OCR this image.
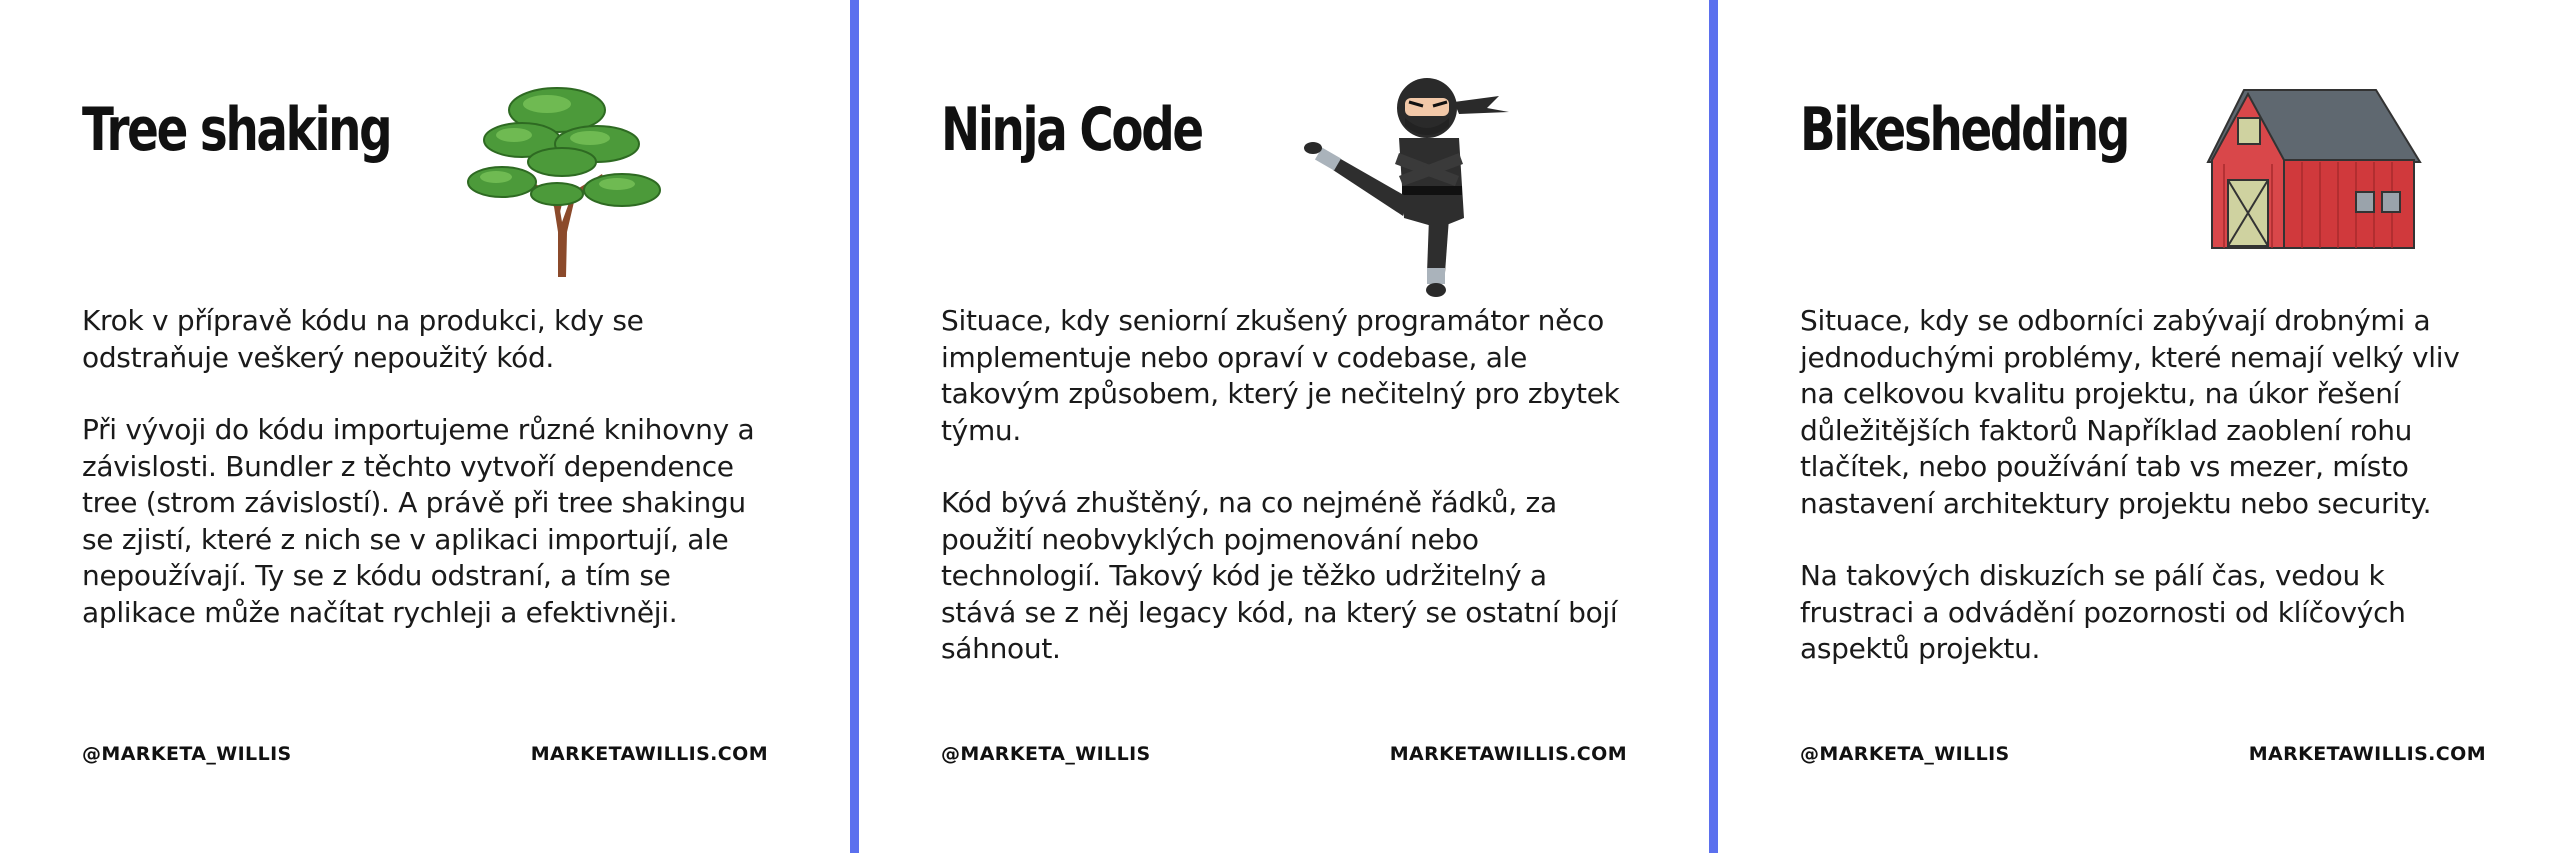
Tree shaking

Krok v přípravě kódu na produkci, kdy se odstraňuje veškerý nepoužitý kód.

Při vývoji do kódu importujeme různé knihovny a závislosti. Bundler z těchto vytvoří dependence tree (strom závislostí). A právě při tree shakingu se zjistí, které z nich se v aplikaci importují, ale nepoužívají. Ty se z kódu odstraní, a tím se aplikace může načítat rychleji a efektivněji.

@MARKETA_WILLIS	MARKETAWILLIS.COM
Ninja Code

Situace, kdy seniorní zkušený programátor něco implementuje nebo opraví v codebase, ale takovým způsobem, který je nečitelný pro zbytek týmu.

Kód bývá zhuštěný, na co nejméně řádků, za použití neobvyklých pojmenování nebo technologií. Takový kód je těžko udržitelný a stává se z něj legacy kód, na který se ostatní bojí sáhnout.

@MARKETA_WILLIS	MARKETAWILLIS.COM
Bikeshedding

Situace, kdy se odborníci zabývají drobnými a jednoduchými problémy, které nemají velký vliv na celkovou kvalitu projektu, na úkor řešení důležitějších faktorů Například zaoblení rohu tlačítek, nebo používání tab vs mezer, místo nastavení architektury projektu nebo security.

Na takových diskuzích se pálí čas, vedou k frustraci a odvádění pozornosti od klíčových aspektů projektu.

@MARKETA_WILLIS	MARKETAWILLIS.COM
